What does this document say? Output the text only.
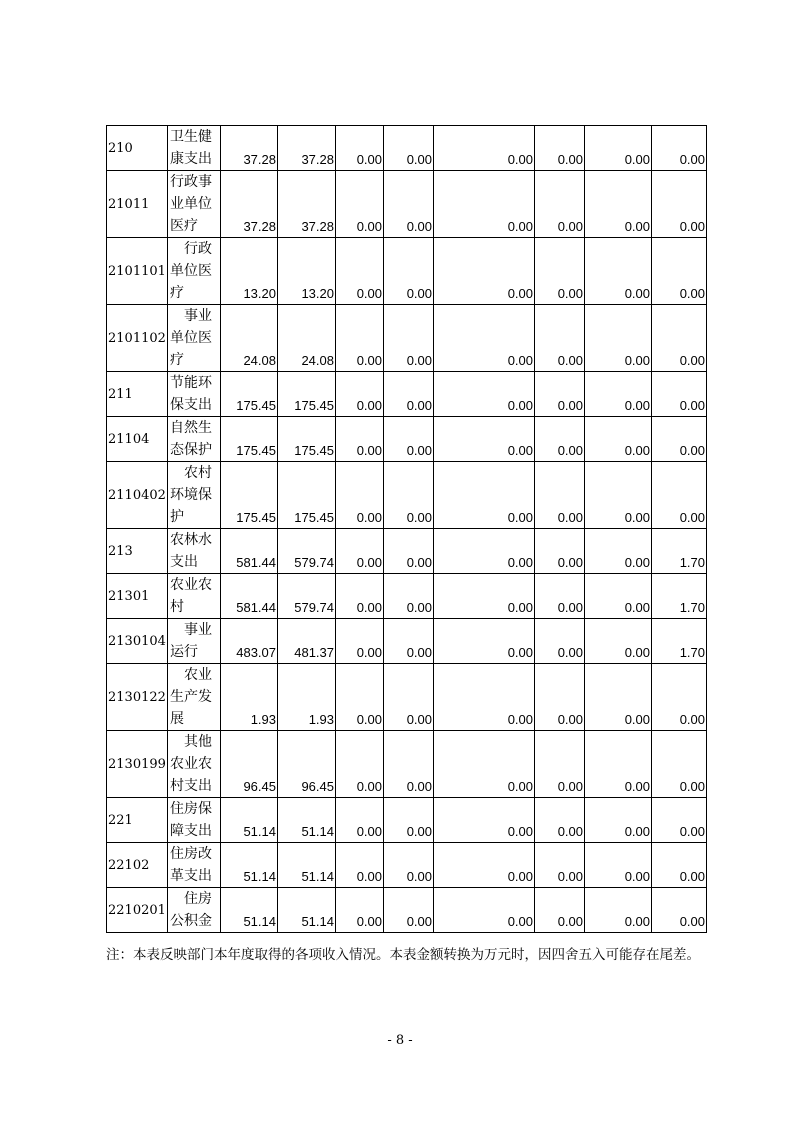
210	卫生健康支出	37.28	37.28	0.00	0.00	0.00	0.00	0.00	0.00
21011	行政事业单位医疗	37.28	37.28	0.00	0.00	0.00	0.00	0.00	0.00
2101101	行政单位医疗	13.20	13.20	0.00	0.00	0.00	0.00	0.00	0.00
2101102	事业单位医疗	24.08	24.08	0.00	0.00	0.00	0.00	0.00	0.00
211	节能环保支出	175.45	175.45	0.00	0.00	0.00	0.00	0.00	0.00
21104	自然生态保护	175.45	175.45	0.00	0.00	0.00	0.00	0.00	0.00
2110402	农村环境保护	175.45	175.45	0.00	0.00	0.00	0.00	0.00	0.00
213	农林水支出	581.44	579.74	0.00	0.00	0.00	0.00	0.00	1.70
21301	农业农村	581.44	579.74	0.00	0.00	0.00	0.00	0.00	1.70
2130104	事业运行	483.07	481.37	0.00	0.00	0.00	0.00	0.00	1.70
2130122	农业生产发展	1.93	1.93	0.00	0.00	0.00	0.00	0.00	0.00
2130199	其他农业农村支出	96.45	96.45	0.00	0.00	0.00	0.00	0.00	0.00
221	住房保障支出	51.14	51.14	0.00	0.00	0.00	0.00	0.00	0.00
22102	住房改革支出	51.14	51.14	0.00	0.00	0.00	0.00	0.00	0.00
2210201	住房公积金	51.14	51.14	0.00	0.00	0.00	0.00	0.00	0.00
注：本表反映部门本年度取得的各项收入情况。本表金额转换为万元时，因四舍五入可能存在尾差。
- 8 -
